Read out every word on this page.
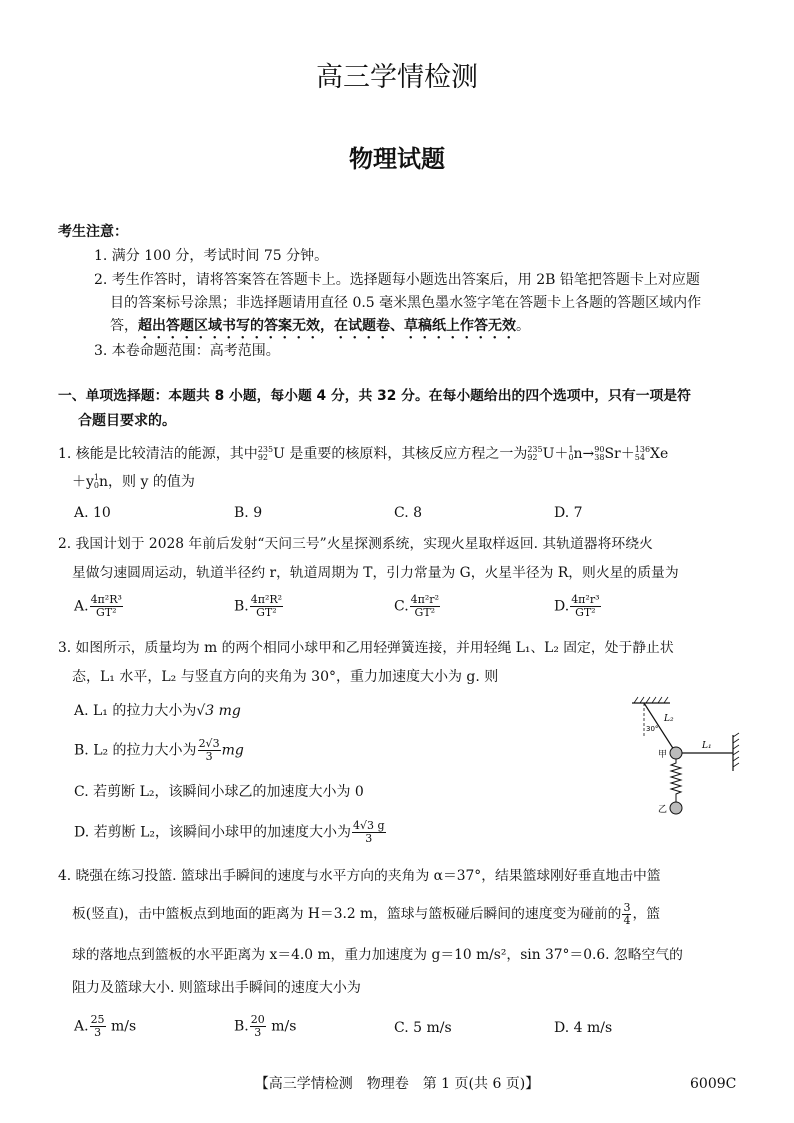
高三学情检测
物理试题
考生注意：
1. 满分 100 分，考试时间 75 分钟。
2. 考生作答时，请将答案答在答题卡上。选择题每小题选出答案后，用 2B 铅笔把答题卡上对应题
目的答案标号涂黑；非选择题请用直径 0.5 毫米黑色墨水签字笔在答题卡上各题的答题区域内作
答，超出答题区域书写的答案无效，在试题卷、草稿纸上作答无效。
3. 本卷命题范围：高考范围。
一、单项选择题：本题共 8 小题，每小题 4 分，共 32 分。在每小题给出的四个选项中，只有一项是符
合题目要求的。
1. 核能是比较清洁的能源，其中 235
92 U 是重要的核原料，其核反应方程之一为 235
92 U＋ 1
0 n→ 90
38 Sr＋ 136
54 Xe
＋y 1
0 n，则 y 的值为
A. 10	B. 9	C. 8	D. 7
2. 我国计划于 2028 年前后发射“天问三号”火星探测系统，实现火星取样返回. 其轨道器将环绕火
星做匀速圆周运动，轨道半径约 r，轨道周期为 T，引力常量为 G，火星半径为 R，则火星的质量为
A. $\frac{\text{4π²R³}}{\text{GT²}}$	B. $\frac{\text{4π²R²}}{\text{GT²}}$	C. $\frac{\text{4π²r²}}{\text{GT²}}$	D. $\frac{\text{4π²r³}}{\text{GT²}}$
3. 如图所示，质量均为 m 的两个相同小球甲和乙用轻弹簧连接，并用轻绳 L₁、L₂ 固定，处于静止状
态，L₁ 水平，L₂ 与竖直方向的夹角为 30°，重力加速度大小为 g. 则
A. L₁ 的拉力大小为√3 mg
B. L₂ 的拉力大小为 $\frac{2√3}{3}$ mg
C. 若剪断 L₂，该瞬间小球乙的加速度大小为 0
D. 若剪断 L₂，该瞬间小球甲的加速度大小为 $\frac{4√3 g}{3}$
L₂
L₁
30°
甲
乙
4. 晓强在练习投篮. 篮球出手瞬间的速度与水平方向的夹角为 α＝37°，结果篮球刚好垂直地击中篮
板(竖直)，击中篮板点到地面的距离为 H＝3.2 m，篮球与篮板碰后瞬间的速度变为碰前的 $\frac{3}{4}$ ，篮
球的落地点到篮板的水平距离为 x＝4.0 m，重力加速度为 g＝10 m/s²，sin 37°＝0.6. 忽略空气的
阻力及篮球大小. 则篮球出手瞬间的速度大小为
A. $\frac{25}{3} m/s$	B. $\frac{20}{3} m/s$	C. 5 m/s	D. 4 m/s
【高三学情检测　物理卷　第 1 页(共 6 页)】	6009C
